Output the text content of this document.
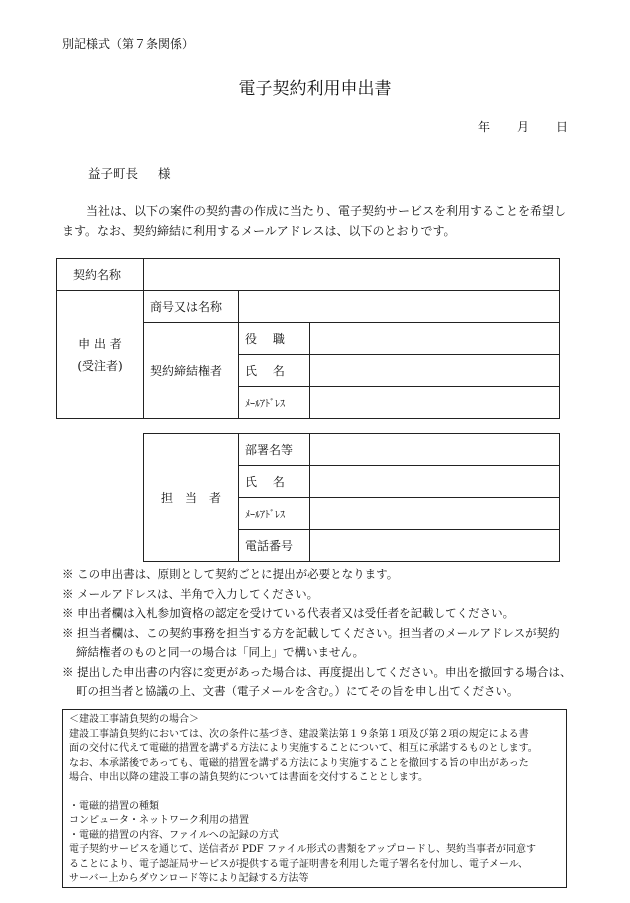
別記様式（第７条関係）
電子契約利用申出書
年 月 日
益子町長 様

当社は、以下の案件の契約書の作成に当たり、電子契約サービスを利用することを希望し

ます。なお、契約締結に利用するメールアドレスは、以下のとおりです。

契約名称			

申 出 者
(受注者)	商号又は名称		
	契約締結権者	役　 職	
		氏　 名	
		ﾒｰﾙｱﾄﾞﾚｽ	
担　当　者	部署名等	
	氏　 名	
	ﾒｰﾙｱﾄﾞﾚｽ	
	電話番号	
※ この申出書は、原則として契約ごとに提出が必要となります。
※ メールアドレスは、半角で入力してください。
※ 申出者欄は入札参加資格の認定を受けている代表者又は受任者を記載してください。
※ 担当者欄は、この契約事務を担当する方を記載してください。担当者のメールアドレスが契約
締結権者のものと同一の場合は「同上」で構いません。
※ 提出した申出書の内容に変更があった場合は、再度提出してください。申出を撤回する場合は、
町の担当者と協議の上、文書（電子メールを含む。）にてその旨を申し出てください。
＜建設工事請負契約の場合＞
建設工事請負契約においては、次の条件に基づき、建設業法第１９条第１項及び第２項の規定による書
面の交付に代えて電磁的措置を講ずる方法により実施することについて、相互に承諾するものとします。
なお、本承諾後であっても、電磁的措置を講ずる方法により実施することを撤回する旨の申出があった
場合、申出以降の建設工事の請負契約については書面を交付することとします。
・電磁的措置の種類
コンピュータ・ネットワーク利用の措置
・電磁的措置の内容、ファイルへの記録の方式
電子契約サービスを通じて、送信者が PDF ファイル形式の書類をアップロードし、契約当事者が同意す
ることにより、電子認証局サービスが提供する電子証明書を利用した電子署名を付加し、電子メール、
サーバー上からダウンロード等により記録する方法等
